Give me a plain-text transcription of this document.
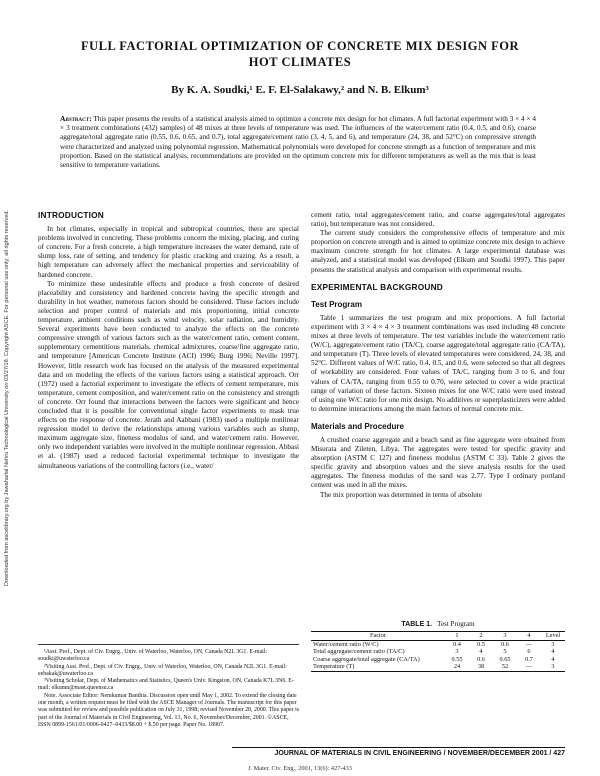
Downloaded from ascelibrary.org by Jawaharlal Nehru Technological University on 03/27/18. Copyright ASCE. For personal use only; all rights reserved.
FULL FACTORIAL OPTIMIZATION OF CONCRETE MIX DESIGN FOR
HOT CLIMATES
By K. A. Soudki,¹ E. F. El-Salakawy,² and N. B. Elkum³
Abstract: This paper presents the results of a statistical analysis aimed to optimize a concrete mix design for hot climates. A full factorial experiment with 3 × 4 × 4 × 3 treatment combinations (432) samples) of 48 mixes at three levels of temperature was used. The influences of the water/cement ratio (0.4, 0.5, and 0.6), coarse aggregate/total aggregate ratio (0.55, 0.6, 0.65, and 0.7), total aggregate/cement ratio (3, 4, 5, and 6), and temperature (24, 38, and 52°C) on compressive strength were characterized and analyzed using polynomial regression. Mathematical polynomials were developed for concrete strength as a function of temperature and mix proportion. Based on the statistical analysis, recommendations are provided on the optimum concrete mix for different temperatures as well as the mix that is least sensitive to temperature variations.
INTRODUCTION

In hot climates, especially in tropical and subtropical countries, there are special problems involved in concreting. These problems concern the mixing, placing, and curing of concrete. For a fresh concrete, a high temperature increases the water demand, rate of slump loss, rate of setting, and tendency for plastic cracking and crazing. As a result, a high temperature can adversely affect the mechanical properties and serviceability of hardened concrete.

To minimize these undesirable effects and produce a fresh concrete of desired placeability and consistency and hardened concrete having the specific strength and durability in hot weather, numerous factors should be considered. These factors include selection and proper control of materials and mix proportioning, initial concrete temperature, ambient conditions such as wind velocity, solar radiation, and humidity. Several experiments have been conducted to analyze the effects on the concrete compressive strength of various factors such as the water/cement ratio, cement content, supplementary cementitious materials, chemical admixtures, coarse/fine aggregate ratio, and temperature [American Concrete Institute (ACI) 1996; Burg 1996; Neville 1997]. However, little research work has focused on the analysis of the measured experimental data and on modeling the effects of the various factors using a statistical approach. Orr (1972) used a factorial experiment to investigate the effects of cement temperature, mix temperature, cement composition, and water/cement ratio on the consistency and strength of concrete. Orr found that interactions between the factors were significant and hence concluded that it is possible for conventional single factor experiments to mask true effects on the response of concrete. Jerath and Aabbani (1983) used a multiple nonlinear regression model to derive the relationships among various variables such as slump, maximum aggregate size, fineness modulus of sand, and water/cement ratio. However, only two independent variables were involved in the multiple nonlinear regression. Abbasi et al. (1987) used a reduced factorial experimental technique to investigate the simultaneous variations of the controlling factors (i.e., water/

¹Asst. Prof., Dept. of Civ. Engrg., Univ. of Waterloo, Waterloo, ON, Canada N2L 3G1. E-mail: soudki@uwaterloo.ca
²Visiting Asst. Prof., Dept. of Civ. Engrg., Univ. of Waterloo, Waterloo, ON, Canada N2L 3G1. E-mail: eebakak@uwaterloo.ca
³Visiting Scholar, Dept. of Mathematics and Statistics, Queen's Univ. Kingston, ON, Canada K7L 3N6. E-mail: elkumn@mast.queensu.ca
Note. Associate Editor: Nemkumar Banthia. Discussion open until May 1, 2002. To extend the closing date one month, a written request must be filed with the ASCE Manager of Journals. The manuscript for this paper was submitted for review and possible publication on July 31, 1998; revised November 28, 2000. This paper is part of the Journal of Materials in Civil Engineering, Vol. 13, No. 6, November/December, 2001. ©ASCE, ISSN 0899-1561/01/0006-0427–0433/$8.00 + $.50 per page. Paper No. 18907.

cement ratio, total aggregates/cement ratio, and coarse aggregates/total aggregates ratio), but temperature was not considered.

The current study considers the comprehensive effects of temperature and mix proportion on concrete strength and is aimed to optimize concrete mix design to achieve maximum concrete strength for hot climates. A large experimental database was analyzed, and a statistical model was developed (Elkum and Soudki 1997). This paper presents the statistical analysis and comparison with experimental results.

EXPERIMENTAL BACKGROUND
Test Program

Table 1 summarizes the test program and mix proportions. A full factorial experiment with 3 × 4 × 4 × 3 treatment combinations was used including 48 concrete mixes at three levels of temperature. The test variables include the water/cement ratio (W/C), aggregate/cement ratio (TA/C), coarse aggregate/total aggregate ratio (CA/TA), and temperature (T). Three levels of elevated temperatures were considered, 24, 38, and 52°C. Different values of W/C ratio, 0.4, 0.5, and 0.6, were selected so that all degrees of workability are considered. Four values of TA/C, ranging from 3 to 6, and four values of CA/TA, ranging from 0.55 to 0.70, were selected to cover a wide practical range of variation of these factors. Sixteen mixes for one W/C ratio were used instead of using one W/C ratio for one mix design. No additives or superplasticizers were added to determine interactions among the main factors of normal concrete mix.

Materials and Procedure

A crushed coarse aggregate and a beach sand as fine aggregate were obtained from Misurata and Zileten, Libya. The aggregates were tested for specific gravity and absorption (ASTM C 127) and fineness modulus (ASTM C 33). Table 2 gives the specific gravity and absorption values and the sieve analysis results for the used aggregates. The fineness modulus of the sand was 2.77. Type I ordinary portland cement was used in all the mixes.

The mix proportion was determined in terms of absolute

TABLE 1. Test Program
Factor	1	2	3	4	Level
Water/cement ratio (W/C)	0.4	0.5	0.6	—	3
Total aggregate/cement ratio (TA/C)	3	4	5	6	4
Coarse aggregate/total aggregate (CA/TA)	0.55	0.6	0.65	0.7	4
Temperature (T)	24	38	52	—	3
JOURNAL OF MATERIALS IN CIVIL ENGINEERING / NOVEMBER/DECEMBER 2001 / 427
J. Mater. Civ. Eng., 2001, 13(6): 427-433
